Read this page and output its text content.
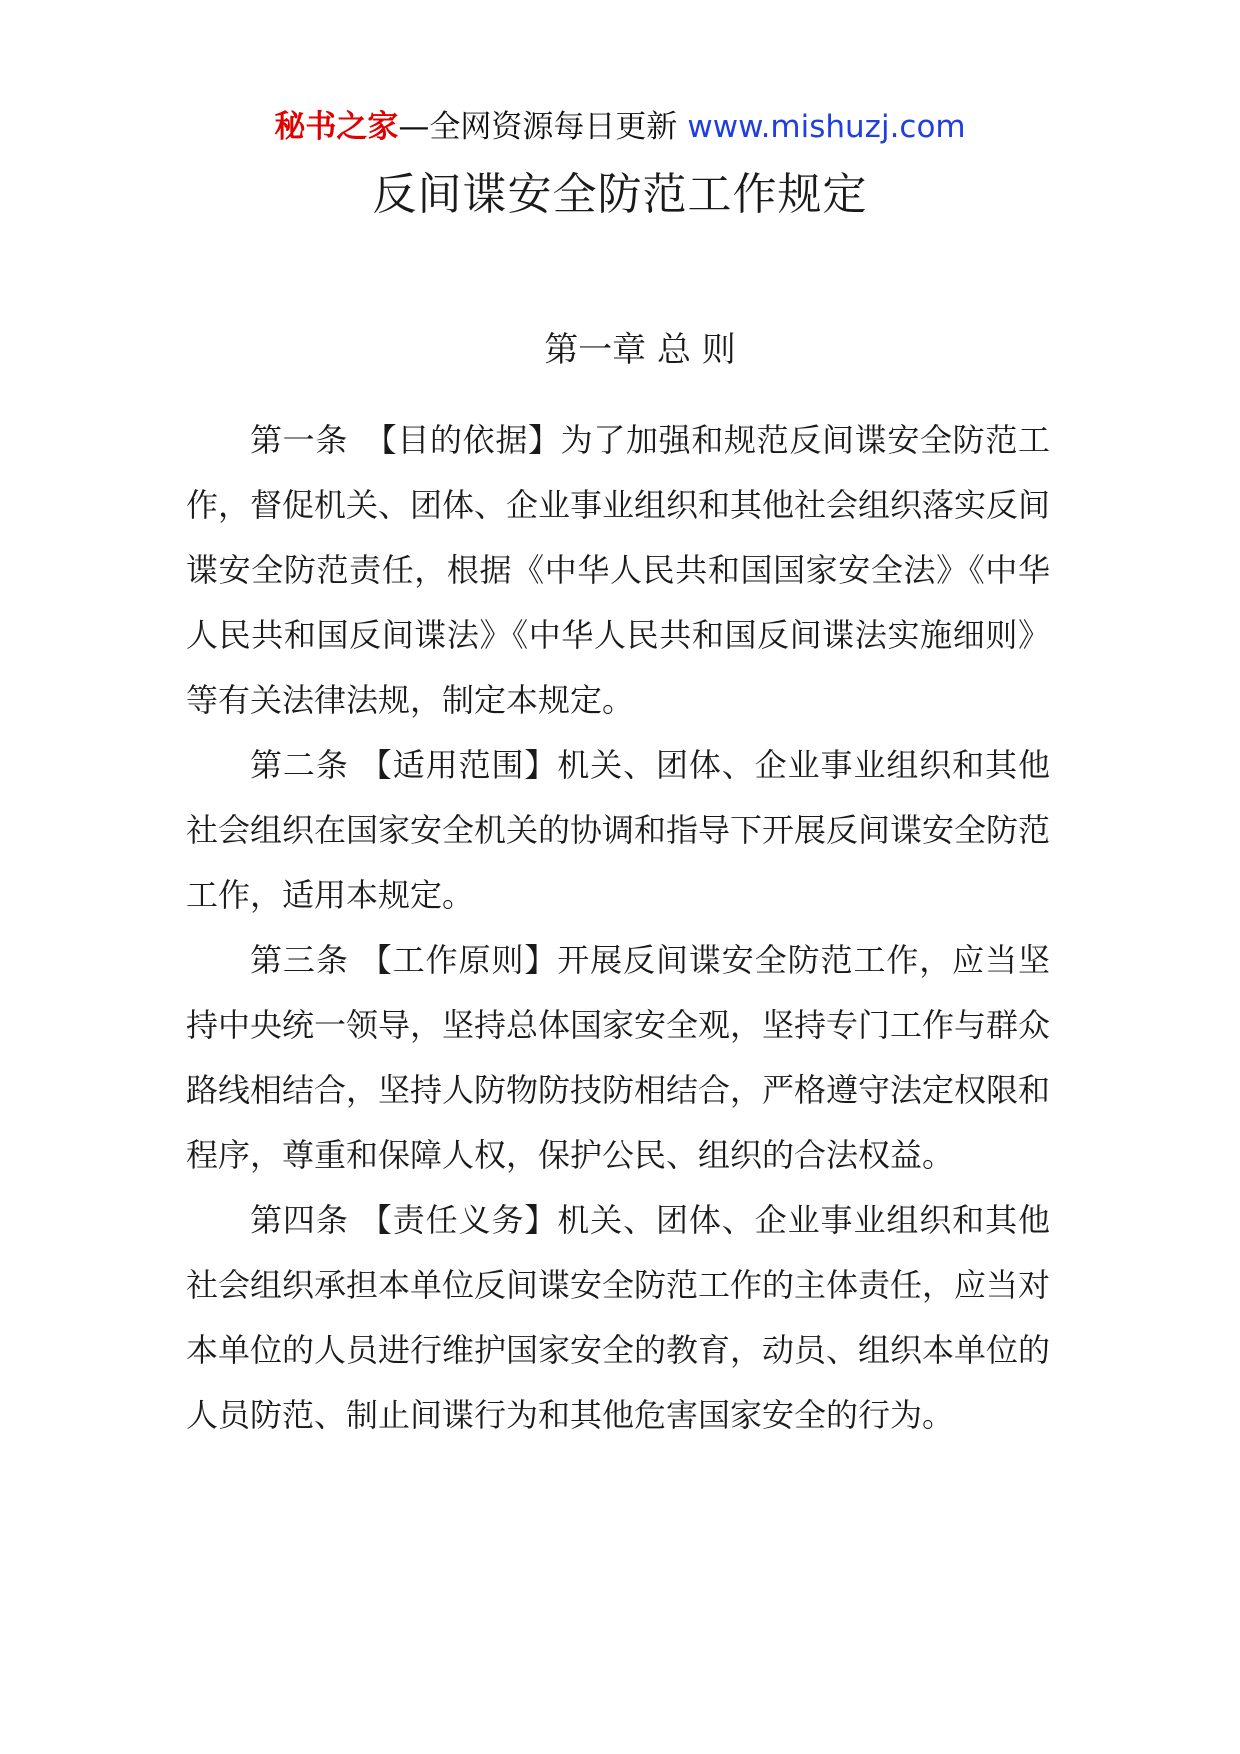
秘书之家—全网资源每日更新 www.mishuzj.com
反间谍安全防范工作规定
第一章 总 则

第一条　【目的依据】为了加强和规范反间谍安全防范工作，督促机关、团体、企业事业组织和其他社会组织落实反间谍安全防范责任，根据《中华人民共和国国家安全法》《中华人民共和国反间谍法》《中华人民共和国反间谍法实施细则》等有关法律法规，制定本规定。

第二条 【适用范围】机关、团体、企业事业组织和其他社会组织在国家安全机关的协调和指导下开展反间谍安全防范工作，适用本规定。

第三条 【工作原则】开展反间谍安全防范工作，应当坚持中央统一领导，坚持总体国家安全观，坚持专门工作与群众路线相结合，坚持人防物防技防相结合，严格遵守法定权限和程序，尊重和保障人权，保护公民、组织的合法权益。

第四条 【责任义务】机关、团体、企业事业组织和其他社会组织承担本单位反间谍安全防范工作的主体责任，应当对本单位的人员进行维护国家安全的教育，动员、组织本单位的人员防范、制止间谍行为和其他危害国家安全的行为。
